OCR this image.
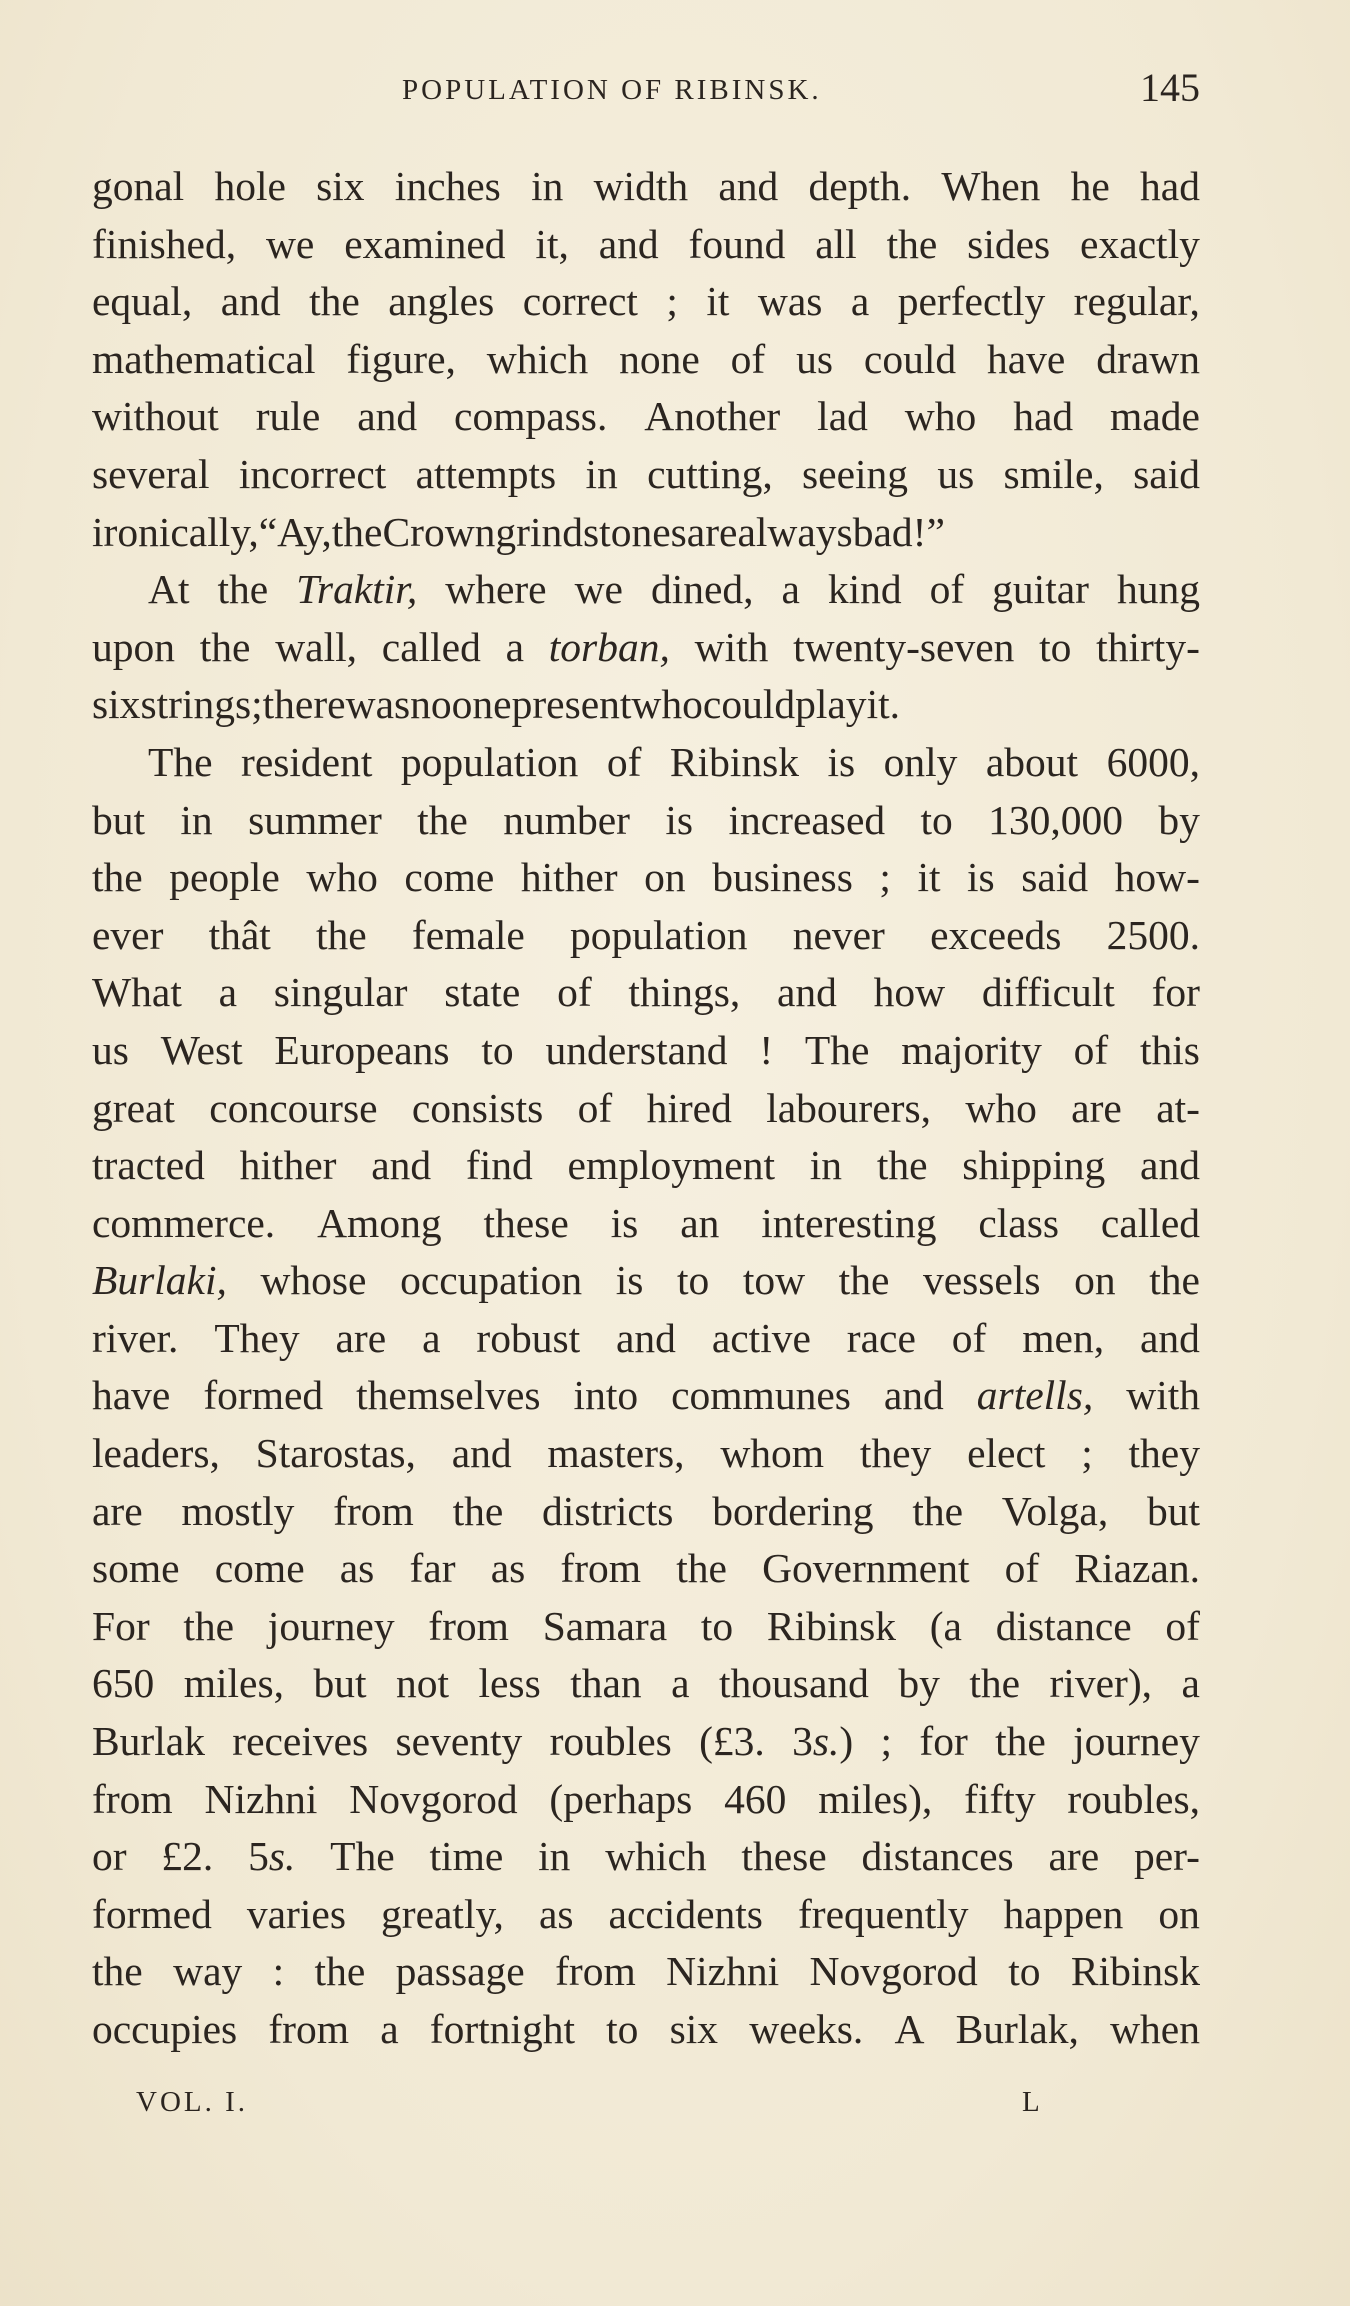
POPULATION OF RIBINSK.	145
gonal hole six inches in width and depth. When he had
finished, we examined it, and found all the sides exactly
equal, and the angles correct ; it was a perfectly regular,
mathematical figure, which none of us could have drawn
without rule and compass. Another lad who had made
several incorrect attempts in cutting, seeing us smile, said
ironically, “Ay, the Crown grindstones are always bad !”
At the Traktir, where we dined, a kind of guitar hung
upon the wall, called a torban, with twenty-seven to thirty-
six strings ; there was no one present who could play it.
The resident population of Ribinsk is only about 6000,
but in summer the number is increased to 130,000 by
the people who come hither on business ; it is said how-
ever thât the female population never exceeds 2500.
What a singular state of things, and how difficult for
us West Europeans to understand ! The majority of this
great concourse consists of hired labourers, who are at-
tracted hither and find employment in the shipping and
commerce. Among these is an interesting class called
Burlaki, whose occupation is to tow the vessels on the
river. They are a robust and active race of men, and
have formed themselves into communes and artells, with
leaders, Starostas, and masters, whom they elect ; they
are mostly from the districts bordering the Volga, but
some come as far as from the Government of Riazan.
For the journey from Samara to Ribinsk (a distance of
650 miles, but not less than a thousand by the river), a
Burlak receives seventy roubles (£3. 3s.) ; for the journey
from Nizhni Novgorod (perhaps 460 miles), fifty roubles,
or £2. 5s. The time in which these distances are per-
formed varies greatly, as accidents frequently happen on
the way : the passage from Nizhni Novgorod to Ribinsk
occupies from a fortnight to six weeks. A Burlak, when
VOL. I.	L
